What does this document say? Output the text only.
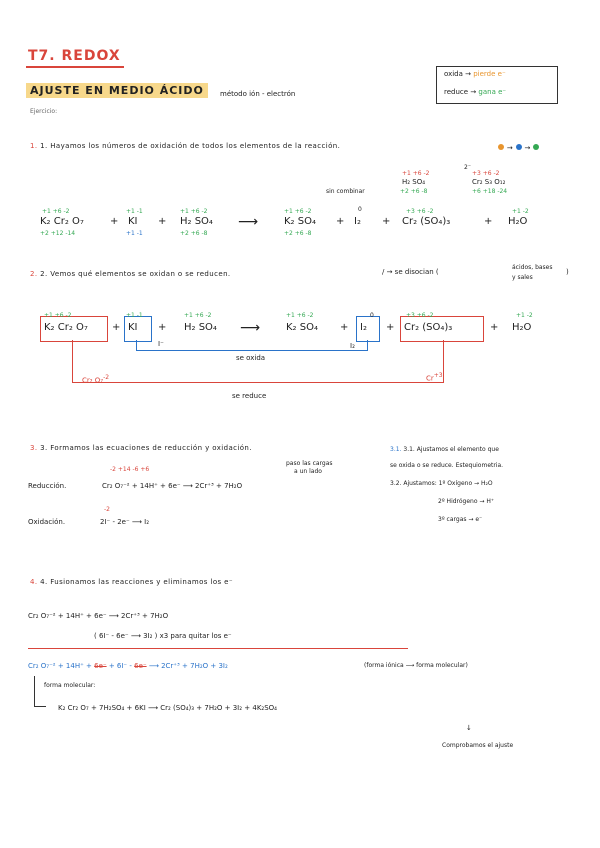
T7. REDOX
oxida → pierde e⁻
reduce → gana e⁻
AJUSTE EN MEDIO ÁCIDO	método ión - electrón
Ejercicio:
1. 1. Hayamos los números de oxidación de todos los elementos de la reacción.	→ →
+1 +6 -2
H₂ SO₄
+2 +6 -8
2⁻
+3 +6 -2
Cr₂ S₃ O₁₂
+6 +18 -24
sin combinar
+1 +6 -2
K₂ Cr₂ O₇
+2 +12 -14
+
+1 -1
KI
+1 -1
+
+1 +6 -2
H₂ SO₄
+2 +6 -8
⟶
+1 +6 -2
K₂ SO₄
+2 +6 -8
+
0
I₂ +
+3 +6 -2
Cr₂ (SO₄)₃	+
+1 -2
H₂O
2. 2. Vemos qué elementos se oxidan o se reducen.	/ → se disocian (
ácidos, bases
y sales
)
+1 +6 -2
K₂ Cr₂ O₇ +
+1 -1
KI +
+1 +6 -2
H₂ SO₄ ⟶
+1 +6 -2
K₂ SO₄ +
0
I₂ +
+3 +6 -2
Cr₂ (SO₄)₃	+
+1 -2
H₂O
I⁻	I₂
se oxida
Cr₂ O₇$^{-2}$	$Cr^{+3}$
se reduce
3. 3. Formamos las ecuaciones de reducción y oxidación.
paso las cargas
a un lado
-2 +14 -6 +6
Reducción.	Cr₂ O₇⁻² + 14H⁺ + 6e⁻ ⟶ 2Cr⁺³ + 7H₂O
-2
Oxidación.	2I⁻ - 2e⁻ ⟶ I₂
3.1. 3.1. Ajustamos el elemento que
se oxida o se reduce. Estequiometria.
3.2. Ajustamos: 1º Oxígeno → H₂O
2º Hidrógeno → H⁺
3º cargas → e⁻
4. 4. Fusionamos las reacciones y eliminamos los e⁻
Cr₂ O₇⁻² + 14H⁺ + 6e⁻ ⟶ 2Cr⁺³ + 7H₂O
( 6I⁻ - 6e⁻ ⟶ 3I₂ ) x3 para quitar los e⁻
Cr₂ O₇⁻² + 14H⁺ + 6e⁻ + 6I⁻ - 6e⁻ ⟶ 2Cr⁺³ + 7H₂O + 3I₂	(forma iónica ⟶ forma molecular)
forma molecular:
K₂ Cr₂ O₇ + 7H₂SO₄ + 6KI ⟶ Cr₂ (SO₄)₃ + 7H₂O + 3I₂ + 4K₂SO₄
↓
Comprobamos el ajuste
